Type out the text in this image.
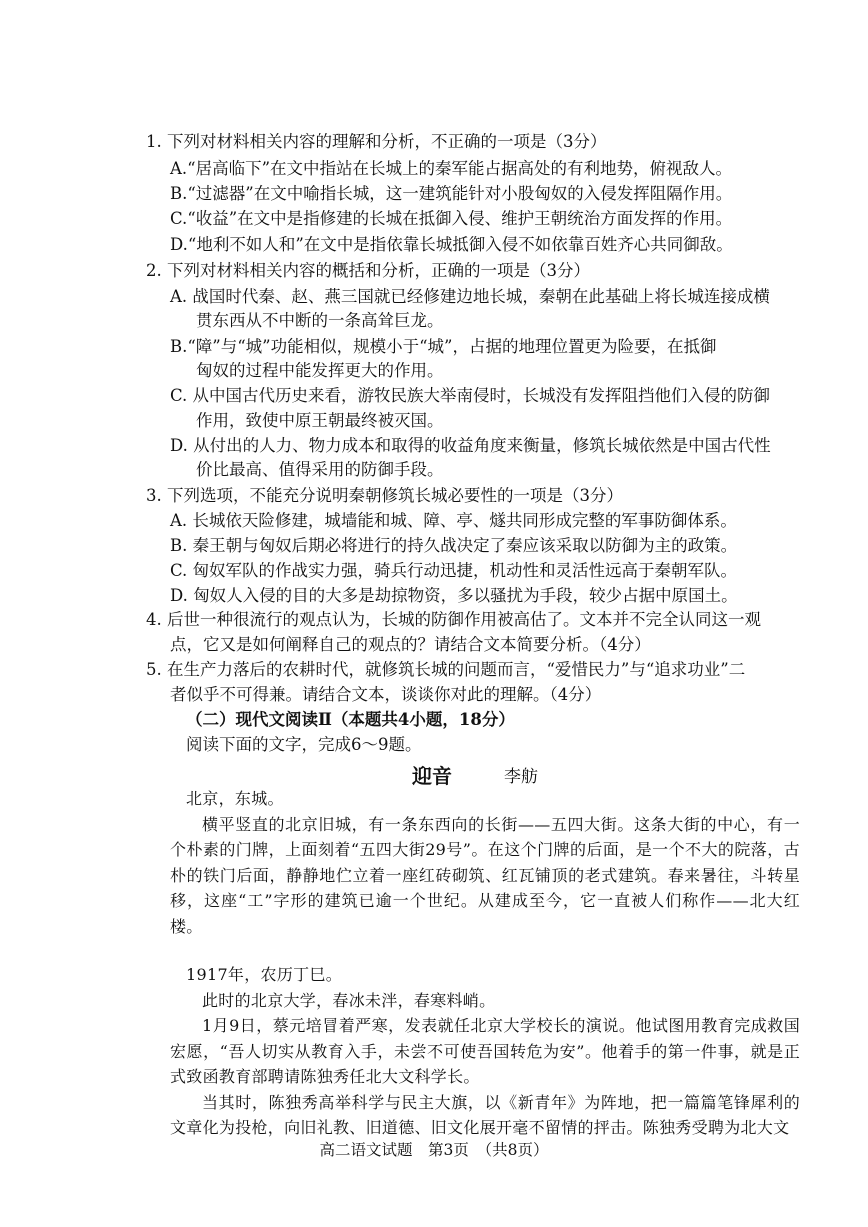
1. 下列对材料相关内容的理解和分析，不正确的一项是（3分）
A.“居高临下”在文中指站在长城上的秦军能占据高处的有利地势，俯视敌人。
B.“过滤器”在文中喻指长城，这一建筑能针对小股匈奴的入侵发挥阻隔作用。
C.“收益”在文中是指修建的长城在抵御入侵、维护王朝统治方面发挥的作用。
D.“地利不如人和”在文中是指依靠长城抵御入侵不如依靠百姓齐心共同御敌。
2. 下列对材料相关内容的概括和分析，正确的一项是（3分）
A. 战国时代秦、赵、燕三国就已经修建边地长城，秦朝在此基础上将长城连接成横
贯东西从不中断的一条高耸巨龙。
B.“障”与“城”功能相似，规模小于“城”，占据的地理位置更为险要，在抵御
匈奴的过程中能发挥更大的作用。
C. 从中国古代历史来看，游牧民族大举南侵时，长城没有发挥阻挡他们入侵的防御
作用，致使中原王朝最终被灭国。
D. 从付出的人力、物力成本和取得的收益角度来衡量，修筑长城依然是中国古代性
价比最高、值得采用的防御手段。
3. 下列选项，不能充分说明秦朝修筑长城必要性的一项是（3分）
A. 长城依天险修建，城墙能和城、障、亭、燧共同形成完整的军事防御体系。
B. 秦王朝与匈奴后期必将进行的持久战决定了秦应该采取以防御为主的政策。
C. 匈奴军队的作战实力强，骑兵行动迅捷，机动性和灵活性远高于秦朝军队。
D. 匈奴人入侵的目的大多是劫掠物资，多以骚扰为手段，较少占据中原国土。
4. 后世一种很流行的观点认为，长城的防御作用被高估了。文本并不完全认同这一观
点，它又是如何阐释自己的观点的？请结合文本简要分析。（4分）
5. 在生产力落后的农耕时代，就修筑长城的问题而言，“爱惜民力”与“追求功业”二
者似乎不可得兼。请结合文本，谈谈你对此的理解。（4分）
（二）现代文阅读Ⅱ（本题共4小题，18分）
阅读下面的文字，完成6～9题。
迎音	李舫

北京，东城。

横平竖直的北京旧城，有一条东西向的长街——五四大街。这条大街的中心，有一个朴素的门牌，上面刻着“五四大街29号”。在这个门牌的后面，是一个不大的院落，古朴的铁门后面，静静地伫立着一座红砖砌筑、红瓦铺顶的老式建筑。春来暑往，斗转星移，这座“工”字形的建筑已逾一个世纪。从建成至今，它一直被人们称作——北大红楼。

1917年，农历丁巳。

此时的北京大学，春冰未泮，春寒料峭。

1月9日，蔡元培冒着严寒，发表就任北京大学校长的演说。他试图用教育完成救国宏愿，“吾人切实从教育入手，未尝不可使吾国转危为安”。他着手的第一件事，就是正式致函教育部聘请陈独秀任北大文科学长。

当其时，陈独秀高举科学与民主大旗，以《新青年》为阵地，把一篇篇笔锋犀利的文章化为投枪，向旧礼教、旧道德、旧文化展开毫不留情的抨击。陈独秀受聘为北大文

高二语文试题　第3页　（共8页）
